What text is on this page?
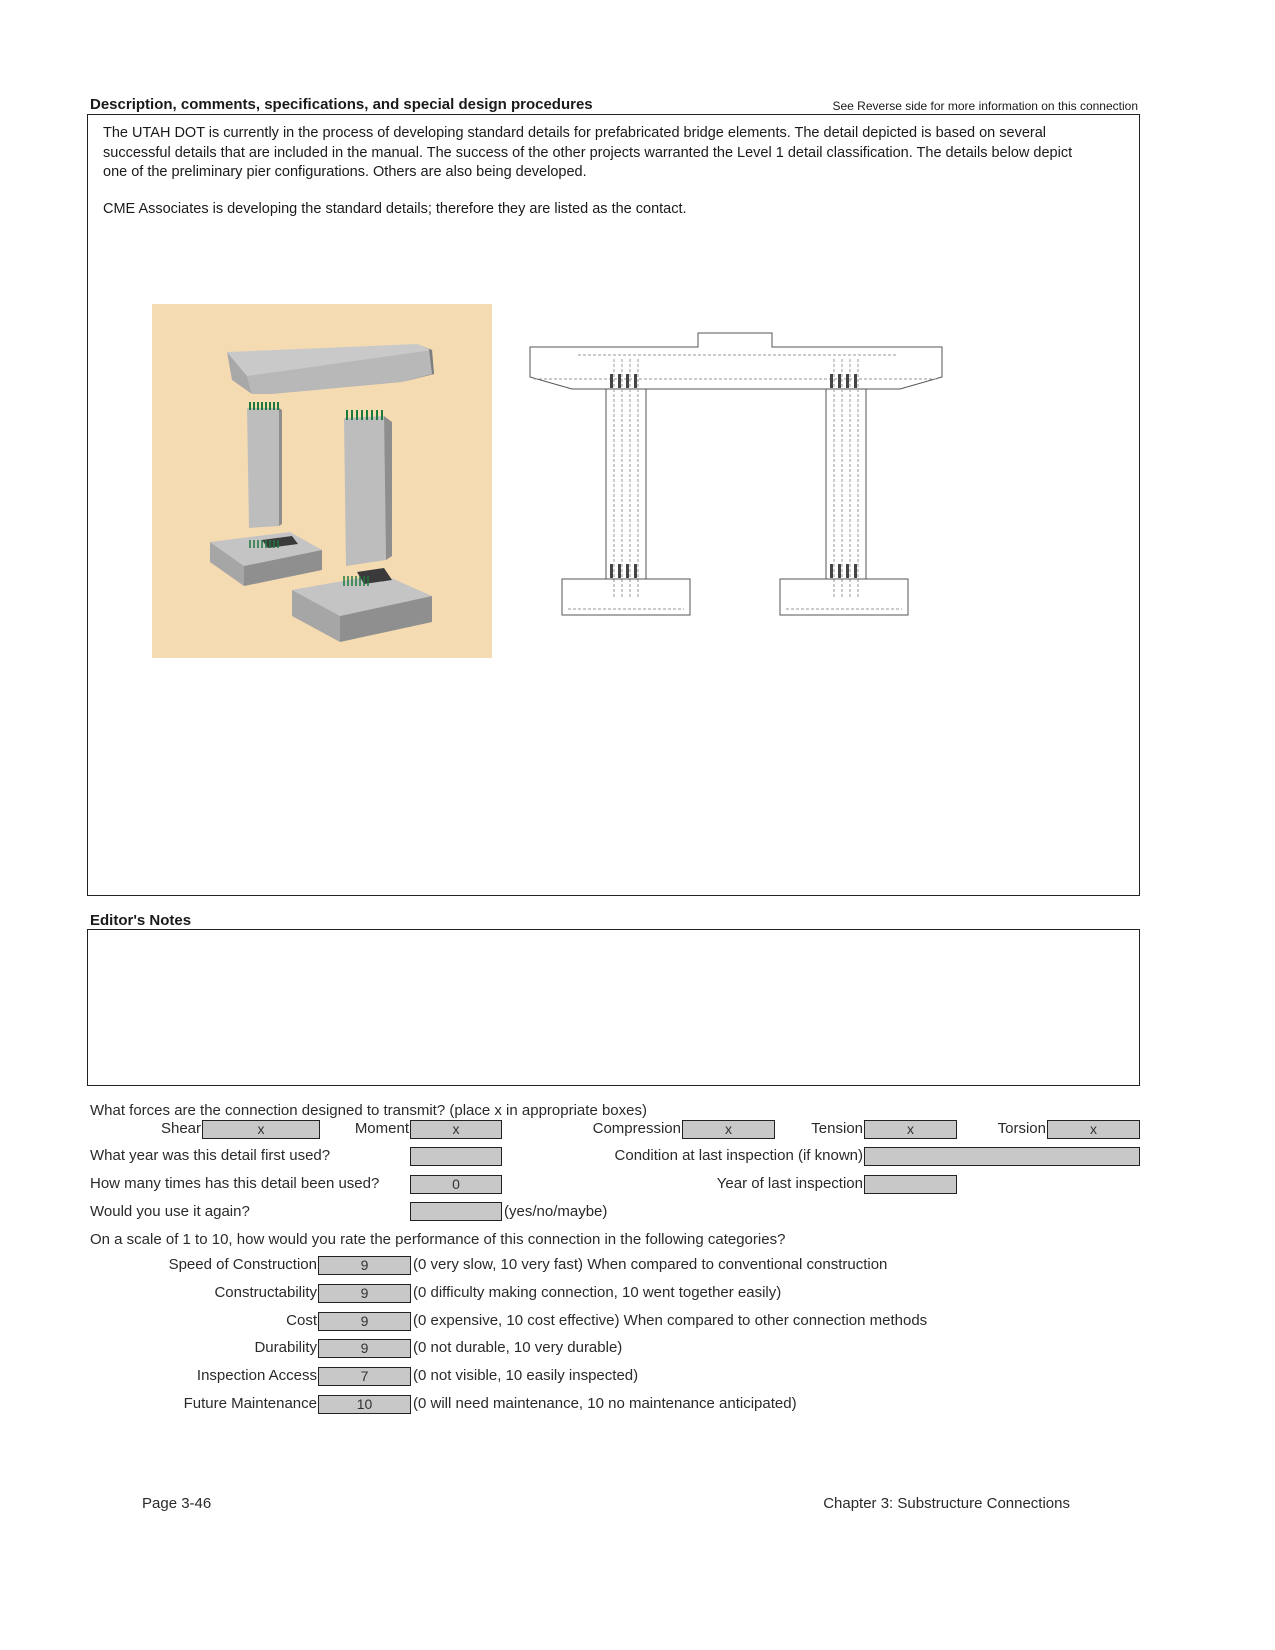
Description, comments, specifications, and special design procedures	See Reverse side for more information on this connection
The UTAH DOT is currently in the process of developing standard details for prefabricated bridge elements. The detail depicted is based on several successful details that are included in the manual. The success of the other projects warranted the Level 1 detail classification. The details below depict one of the preliminary pier configurations. Others are also being developed.
CME Associates is developing the standard details; therefore they are listed as the contact.
Editor's Notes
What forces are the connection designed to transmit? (place x in appropriate boxes)
Shear	x	Moment	x	Compression	x	Tension	x	Torsion	x
What year was this detail first used?	Condition at last inspection (if known)
How many times has this detail been used?	0	Year of last inspection
Would you use it again?	(yes/no/maybe)
On a scale of 1 to 10, how would you rate the performance of this connection in the following categories?
Speed of Construction	9	(0 very slow, 10 very fast) When compared to conventional construction
Constructability	9	(0 difficulty making connection, 10 went together easily)
Cost	9	(0 expensive, 10 cost effective) When compared to other connection methods
Durability	9	(0 not durable, 10 very durable)
Inspection Access	7	(0 not visible, 10 easily inspected)
Future Maintenance	10	(0 will need maintenance, 10 no maintenance anticipated)
Page 3-46	Chapter 3: Substructure Connections
